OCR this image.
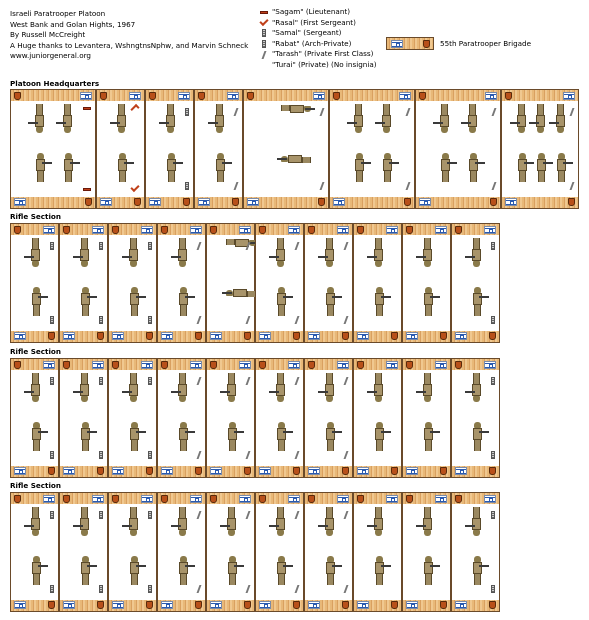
Israeli Paratrooper Platoon
West Bank and Golan Hights, 1967
By Russell McCreight
A Huge thanks to Levantera, WshngtnsNphw, and Marvin Schneck
www.juniorgeneral.org
"Sagam" (Lieutenant)
"Rasal" (First Sergeant)
"Samal" (Sergeant)
"Rabat" (Arch-Private)
"Tarash" (Private First Class)
"Turai" (Private) (No insignia)
55th Paratrooper Brigade
Platoon Headquarters
Rifle Section
Rifle Section
Rifle Section
